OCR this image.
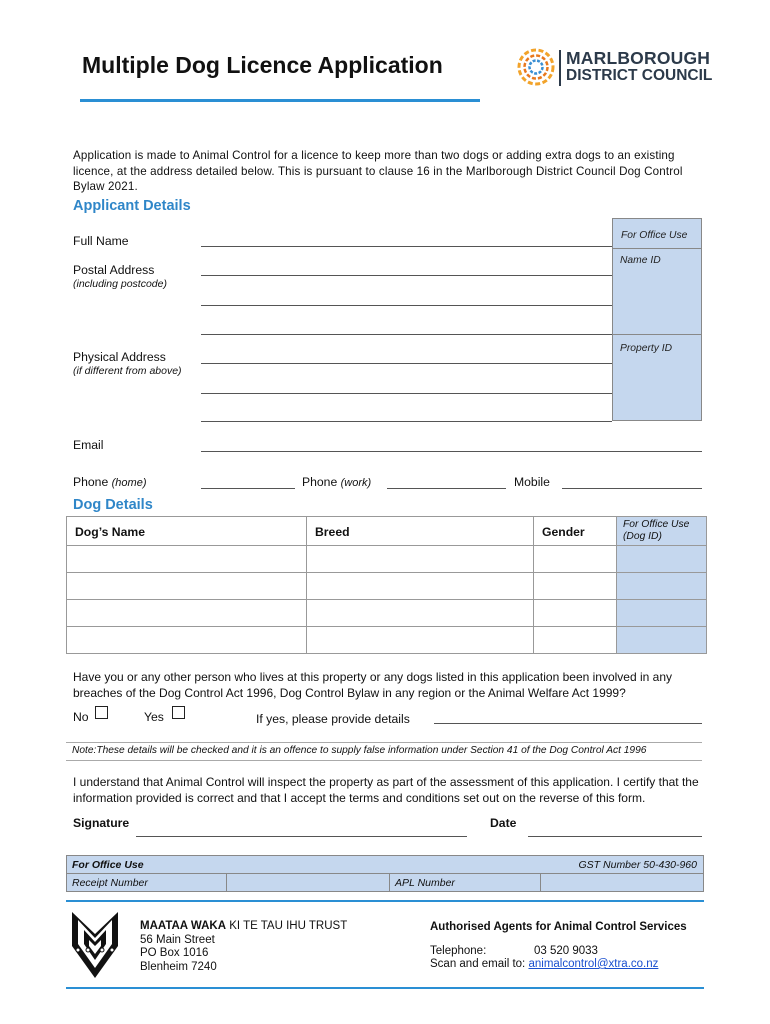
Multiple Dog Licence Application	MARLBOROUGH
DISTRICT COUNCIL
Application is made to Animal Control for a licence to keep more than two dogs or adding extra dogs to an existing licence, at the address detailed below. This is pursuant to clause 16 in the Marlborough District Council Dog Control Bylaw 2021.
Applicant Details
Full Name
Postal Address
(including postcode)
Physical Address
(if different from above)
For Office Use
Name ID
Property ID
Email
Phone (home)	Phone (work)	Mobile
Dog Details
Dog’s Name	Breed	Gender	For Office Use
(Dog ID)

Have you or any other person who lives at this property or any dogs listed in this application been involved in any breaches of the Dog Control Act 1996, Dog Control Bylaw in any region or the Animal Welfare Act 1999?
No	Yes	If yes, please provide details
Note:These details will be checked and it is an offence to supply false information under Section 41 of the Dog Control Act 1996
I understand that Animal Control will inspect the property as part of the assessment of this application. I certify that the information provided is correct and that I accept the terms and conditions set out on the reverse of this form.
Signature	Date
For Office Use	GST Number 50-430-960

Receipt Number		APL Number
MAATAA WAKA KI TE TAU IHU TRUST
56 Main Street
PO Box 1016
Blenheim 7240
Authorised Agents for Animal Control Services
Telephone:	03 520 9033
Scan and email to: animalcontrol@xtra.co.nz
